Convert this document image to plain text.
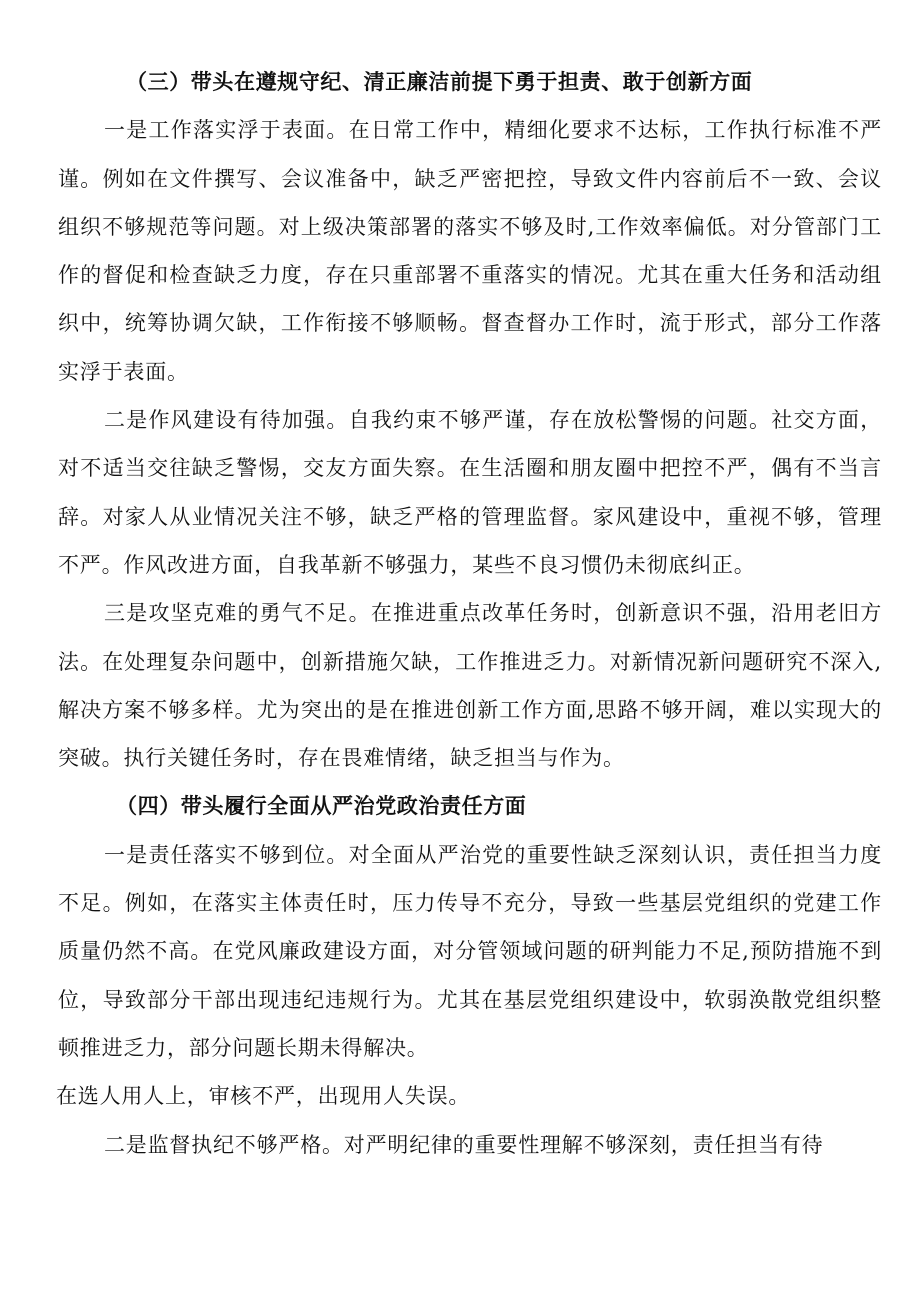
（三）带头在遵规守纪、清正廉洁前提下勇于担责、敢于创新方面

一是工作落实浮于表面。在日常工作中，精细化要求不达标，工作执行标准不严谨。例如在文件撰写、会议准备中，缺乏严密把控，导致文件内容前后不一致、会议组织不够规范等问题。对上级决策部署的落实不够及时,工作效率偏低。对分管部门工作的督促和检查缺乏力度，存在只重部署不重落实的情况。尤其在重大任务和活动组织中，统筹协调欠缺，工作衔接不够顺畅。督查督办工作时，流于形式，部分工作落实浮于表面。

二是作风建设有待加强。自我约束不够严谨，存在放松警惕的问题。社交方面，对不适当交往缺乏警惕，交友方面失察。在生活圈和朋友圈中把控不严，偶有不当言辞。对家人从业情况关注不够，缺乏严格的管理监督。家风建设中，重视不够，管理不严。作风改进方面，自我革新不够强力，某些不良习惯仍未彻底纠正。

三是攻坚克难的勇气不足。在推进重点改革任务时，创新意识不强，沿用老旧方法。在处理复杂问题中，创新措施欠缺，工作推进乏力。对新情况新问题研究不深入,解决方案不够多样。尤为突出的是在推进创新工作方面,思路不够开阔，难以实现大的突破。执行关键任务时，存在畏难情绪，缺乏担当与作为。

（四）带头履行全面从严治党政治责任方面

一是责任落实不够到位。对全面从严治党的重要性缺乏深刻认识，责任担当力度不足。例如，在落实主体责任时，压力传导不充分，导致一些基层党组织的党建工作质量仍然不高。在党风廉政建设方面，对分管领域问题的研判能力不足,预防措施不到位，导致部分干部出现违纪违规行为。尤其在基层党组织建设中，软弱涣散党组织整顿推进乏力，部分问题长期未得解决。

在选人用人上，审核不严，出现用人失误。

二是监督执纪不够严格。对严明纪律的重要性理解不够深刻，责任担当有待
